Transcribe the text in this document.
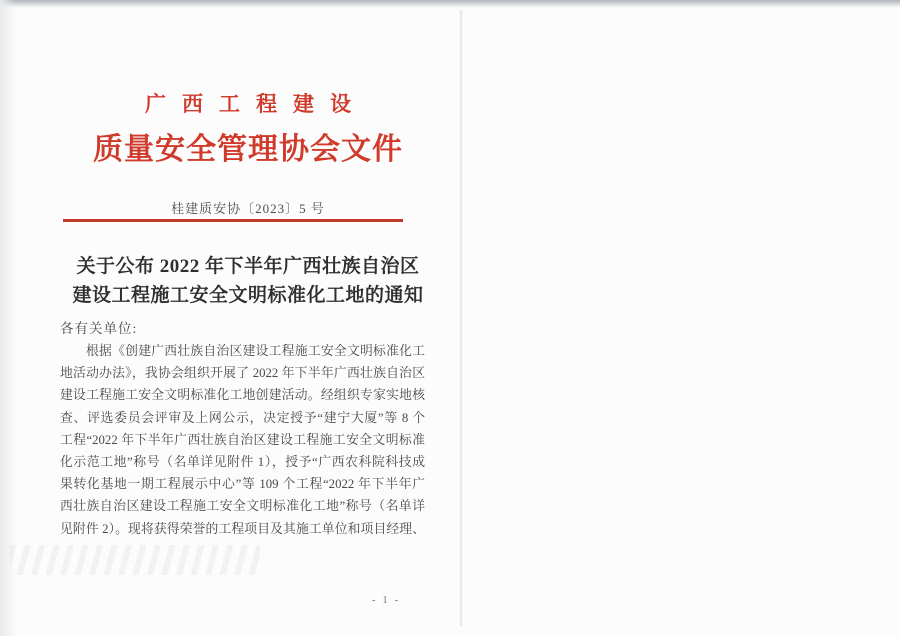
广西工程建设
质量安全管理协会文件
桂建质安协〔2023〕5 号
关于公布 2022 年下半年广西壮族自治区
建设工程施工安全文明标准化工地的通知
各有关单位:
根据《创建广西壮族自治区建设工程施工安全文明标准化工
地活动办法》，我协会组织开展了 2022 年下半年广西壮族自治区
建设工程施工安全文明标准化工地创建活动。经组织专家实地核
查、评选委员会评审及上网公示，决定授予“建宁大厦”等 8 个
工程“2022 年下半年广西壮族自治区建设工程施工安全文明标准
化示范工地”称号（名单详见附件 1），授予“广西农科院科技成
果转化基地一期工程展示中心”等 109 个工程“2022 年下半年广
西壮族自治区建设工程施工安全文明标准化工地”称号（名单详
见附件 2）。现将获得荣誉的工程项目及其施工单位和项目经理、
- 1 -
